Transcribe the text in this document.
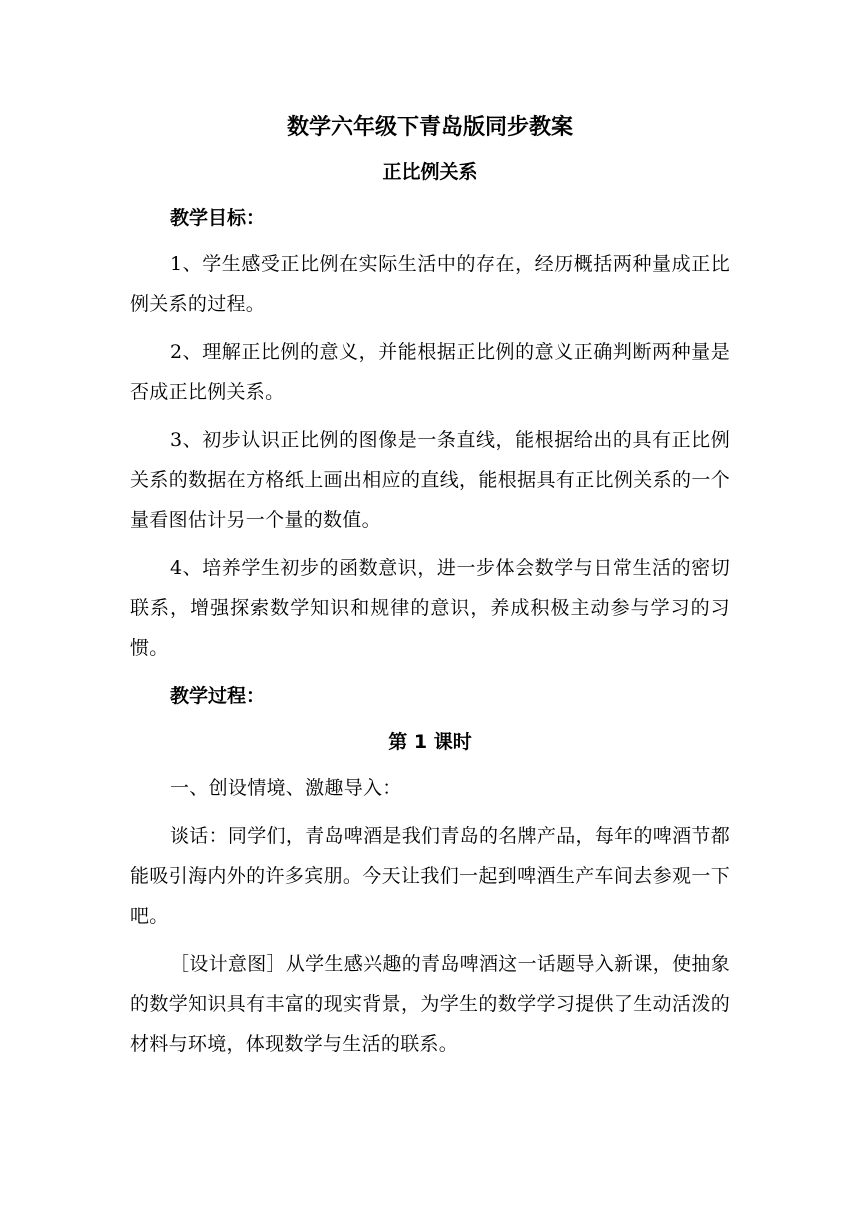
数学六年级下青岛版同步教案

正比例关系

教学目标：

1、学生感受正比例在实际生活中的存在，经历概括两种量成正比例关系的过程。

2、理解正比例的意义，并能根据正比例的意义正确判断两种量是否成正比例关系。

3、初步认识正比例的图像是一条直线，能根据给出的具有正比例关系的数据在方格纸上画出相应的直线，能根据具有正比例关系的一个量看图估计另一个量的数值。

4、培养学生初步的函数意识，进一步体会数学与日常生活的密切联系，增强探索数学知识和规律的意识，养成积极主动参与学习的习惯。

教学过程：

第 1 课时

一、创设情境、激趣导入：

谈话：同学们，青岛啤酒是我们青岛的名牌产品，每年的啤酒节都能吸引海内外的许多宾朋。今天让我们一起到啤酒生产车间去参观一下吧。

［设计意图］从学生感兴趣的青岛啤酒这一话题导入新课，使抽象的数学知识具有丰富的现实背景，为学生的数学学习提供了生动活泼的材料与环境，体现数学与生活的联系。
